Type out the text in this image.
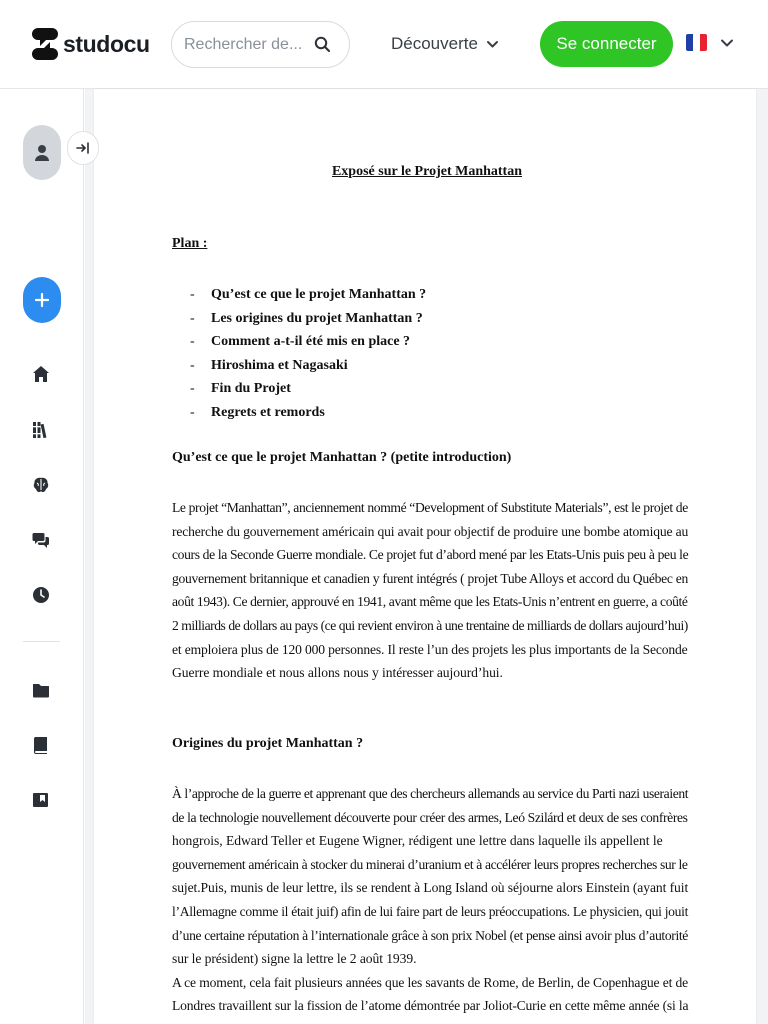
studocu
Rechercher de...	Découverte	Se connecter
Exposé sur le Projet Manhattan
Plan :
- Qu’est ce que le projet Manhattan ?
- Les origines du projet Manhattan ?
- Comment a-t-il été mis en place ?
- Hiroshima et Nagasaki
- Fin du Projet
- Regrets et remords
Qu’est ce que le projet Manhattan ? (petite introduction)
Le projet “Manhattan”, anciennement nommé “Development of Substitute Materials”, est le projet de
recherche du gouvernement américain qui avait pour objectif de produire une bombe atomique au
cours de la Seconde Guerre mondiale. Ce projet fut d’abord mené par les Etats-Unis puis peu à peu le
gouvernement britannique et canadien y furent intégrés ( projet Tube Alloys et accord du Québec en
août 1943). Ce dernier, approuvé en 1941, avant même que les Etats-Unis n’entrent en guerre, a coûté
2 milliards de dollars au pays (ce qui revient environ à une trentaine de milliards de dollars aujourd’hui)
et emploiera plus de 120 000 personnes. Il reste l’un des projets les plus importants de la Seconde
Guerre mondiale et nous allons nous y intéresser aujourd’hui.
Origines du projet Manhattan ?
À l’approche de la guerre et apprenant que des chercheurs allemands au service du Parti nazi useraient
de la technologie nouvellement découverte pour créer des armes, Leó Szilárd et deux de ses confrères
hongrois, Edward Teller et Eugene Wigner, rédigent une lettre dans laquelle ils appellent le
gouvernement américain à stocker du minerai d’uranium et à accélérer leurs propres recherches sur le
sujet.Puis, munis de leur lettre, ils se rendent à Long Island où séjourne alors Einstein (ayant fuit
l’Allemagne comme il était juif) afin de lui faire part de leurs préoccupations. Le physicien, qui jouit
d’une certaine réputation à l’internationale grâce à son prix Nobel (et pense ainsi avoir plus d’autorité
sur le président) signe la lettre le 2 août 1939.
A ce moment, cela fait plusieurs années que les savants de Rome, de Berlin, de Copenhague et de
Londres travaillent sur la fission de l’atome démontrée par Joliot-Curie en cette même année (si la
